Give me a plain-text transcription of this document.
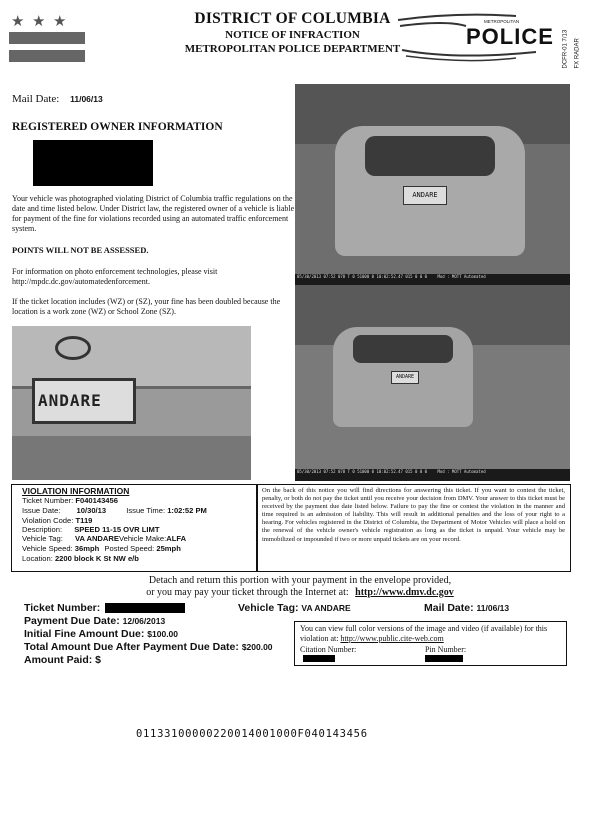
★ ★ ★	DISTRICT OF COLUMBIA
NOTICE OF INFRACTION
METROPOLITAN POLICE DEPARTMENT
METROPOLITAN
POLICE DCFR-01 7/13 FX RADAR
Mail Date: 11/06/13
REGISTERED OWNER INFORMATION
Your vehicle was photographed violating District of Columbia traffic regulations on the date and time listed below. Under District law, the registered owner of a vehicle is liable for payment of the fine for violations recorded using an automated traffic enforcement system.
POINTS WILL NOT BE ASSESSED.
For information on photo enforcement technologies, please visit http://mpdc.dc.gov/automatedenforcement.
If the ticket location includes (WZ) or (SZ), your fine has been doubled because the location is a work zone (WZ) or School Zone (SZ).
ANDARE
ANDARE
05/30/2013 07:52 078 T 0 51000 0 10:02:52.47 015 0 0 0	Mod : MOTT Automated
ANDARE
05/30/2013 07:52 078 T 0 51000 0 10:02:52.47 015 0 0 0	Mod : MOTT Automated
VIOLATION INFORMATION
Ticket Number: F040143456
Issue Date: 10/30/13	Issue Time: 1:02:52 PM
Violation Code: T119
Description: SPEED 11-15 OVR LIMT
Vehicle Tag: VA ANDAREVehicle Make:ALFA
Vehicle Speed: 36mph Posted Speed: 25mph
Location: 2200 block K St NW e/b
On the back of this notice you will find directions for answering this ticket. If you want to contest the ticket, penalty, or both do not pay the ticket until you receive your decision from DMV. Your answer to this ticket must be received by the payment due date listed below. Failure to pay the fine or contest the violation in the manner and time required is an admission of liability. This will result in additional penalties and the loss of your right to a hearing. For vehicles registered in the District of Columbia, the Department of Motor Vehicles will place a hold on the renewal of the vehicle owner's vehicle registration as long as the ticket is unpaid. Your vehicle may be immobilized or impounded if two or more unpaid tickets are on your record.
Detach and return this portion with your payment in the envelope provided,
or you may pay your ticket through the Internet at: http://www.dmv.dc.gov
Ticket Number:	Vehicle Tag: VA ANDARE	Mail Date: 11/06/13
Payment Due Date: 12/06/2013
Initial Fine Amount Due: $100.00
Total Amount Due After Payment Due Date: $200.00
Amount Paid: $
You can view full color versions of the image and video (if available) for this violation at: http://www.public.cite-web.com
Citation Number:	Pin Number:
01133100000220014001000F040143456
